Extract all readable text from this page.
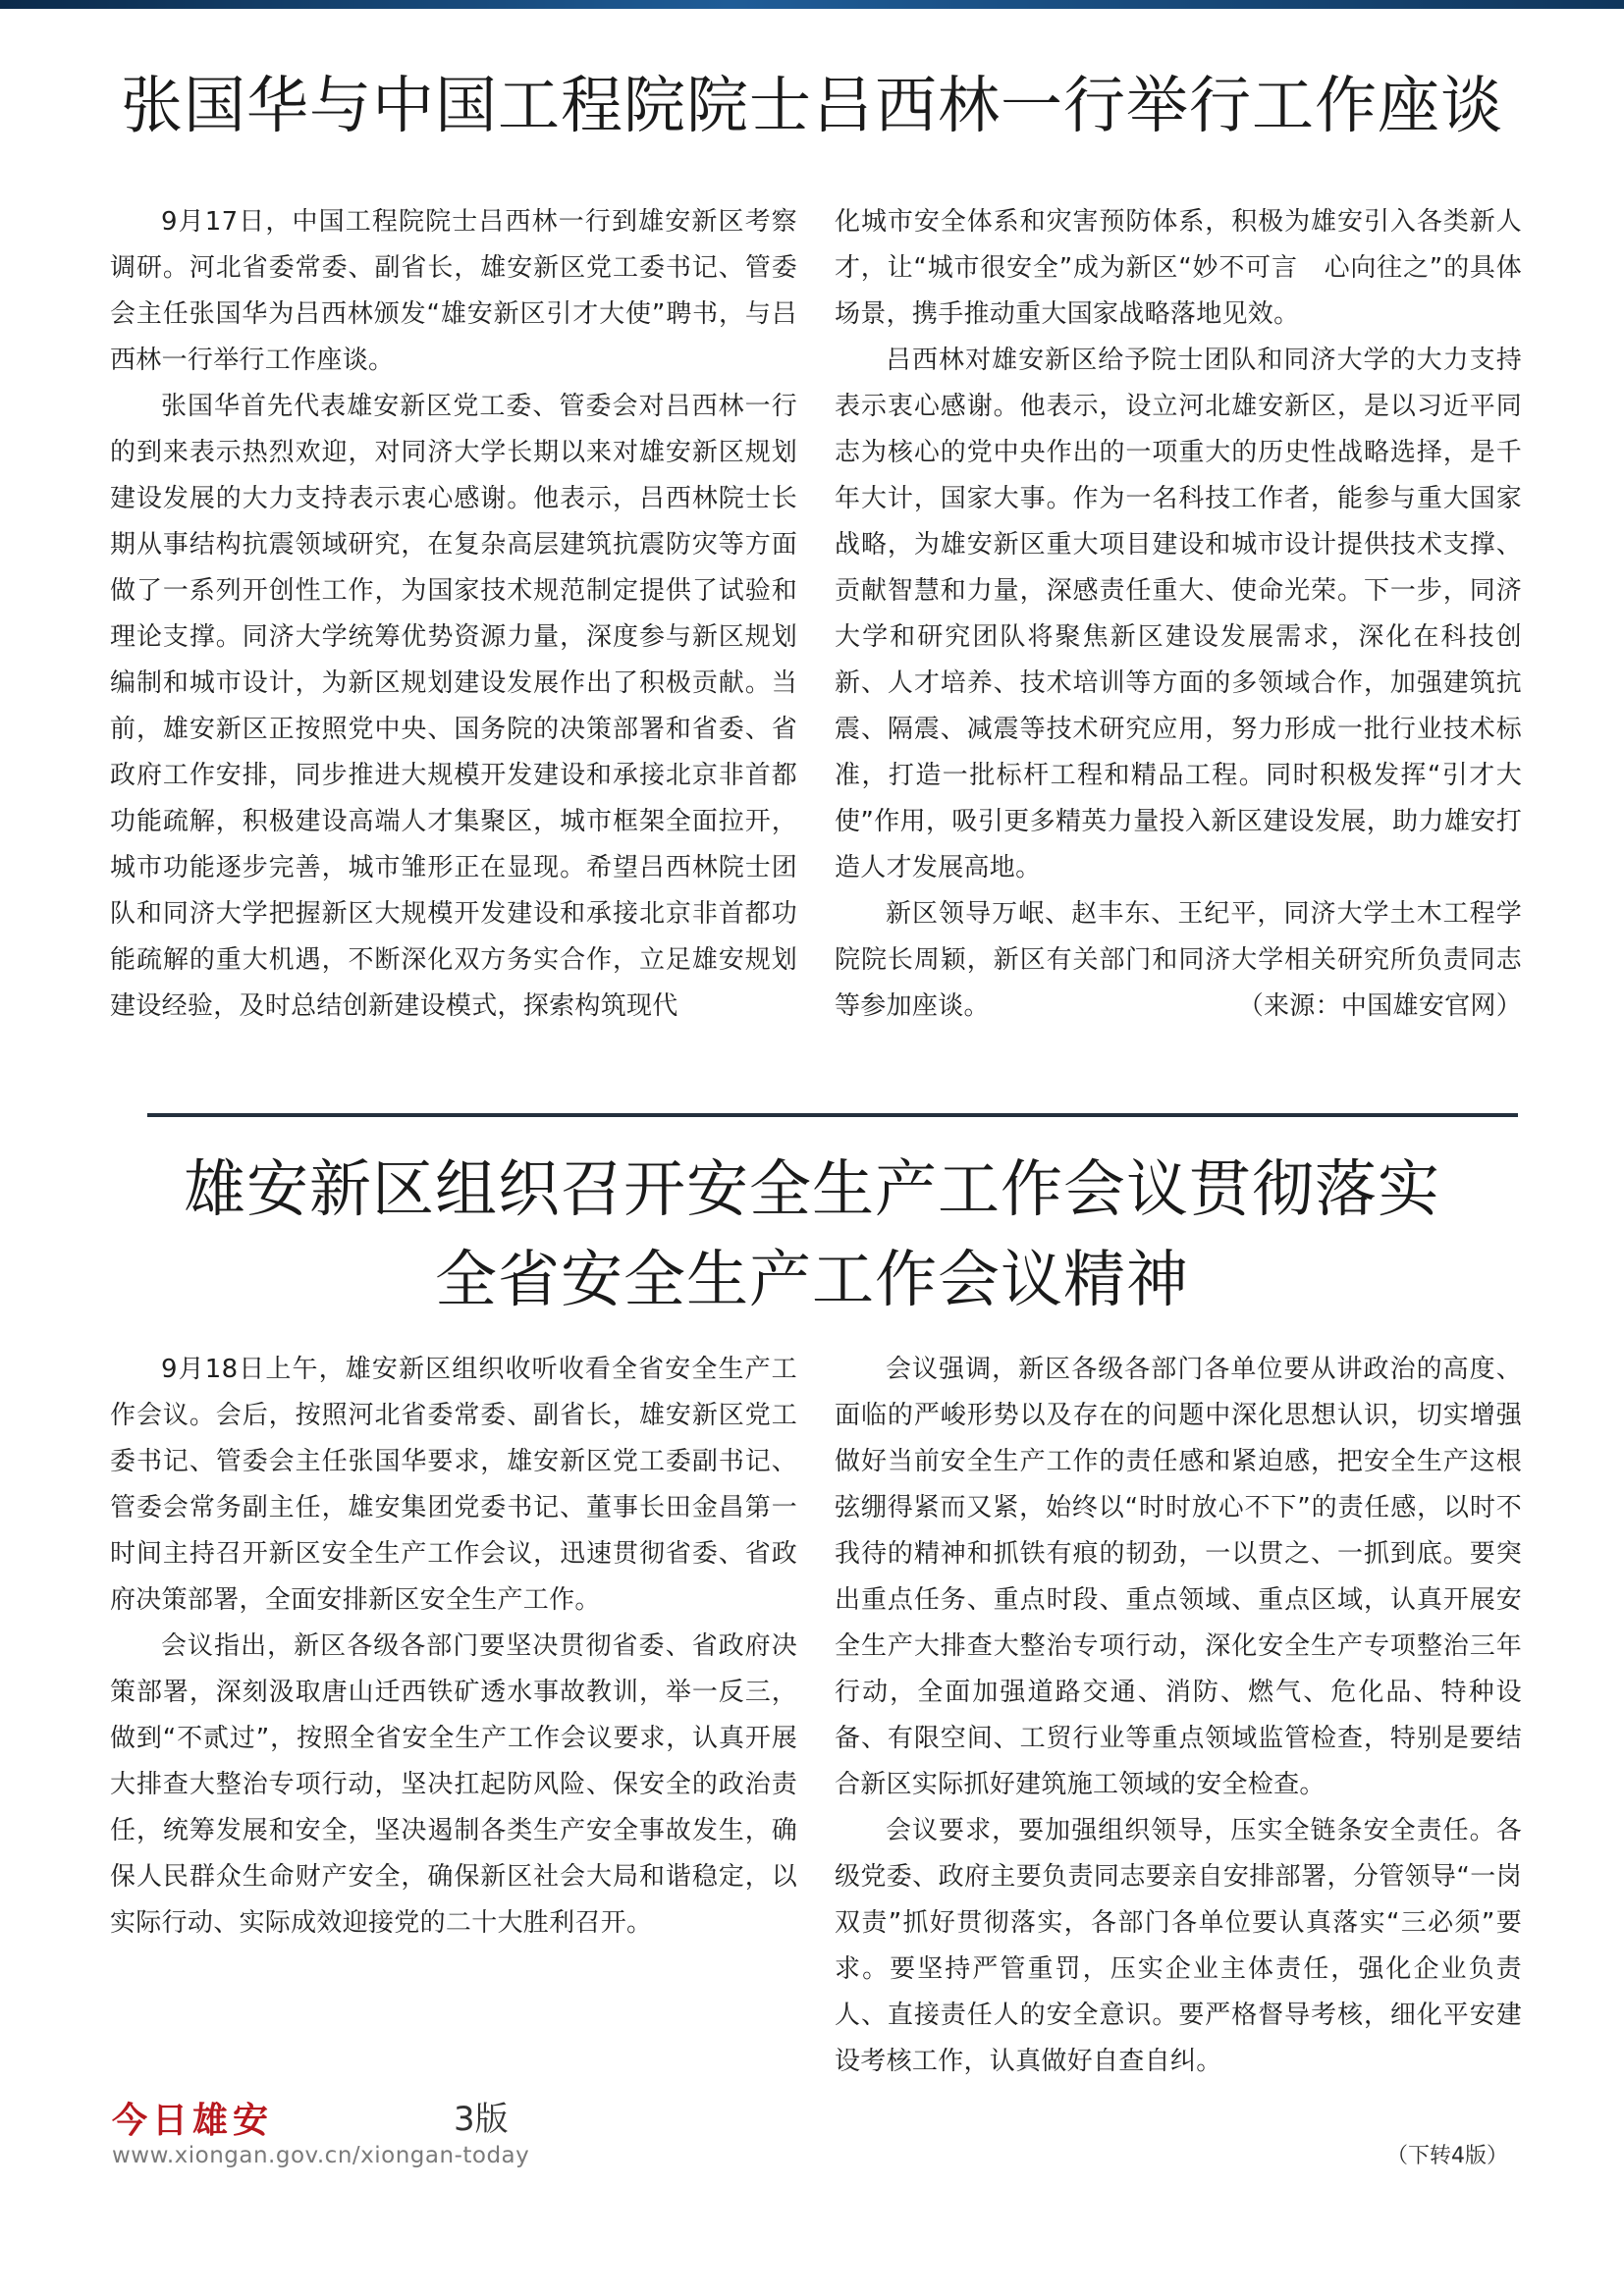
张国华与中国工程院院士吕西林一行举行工作座谈

9月17日，中国工程院院士吕西林一行到雄安新区考察调研。河北省委常委、副省长，雄安新区党工委书记、管委会主任张国华为吕西林颁发“雄安新区引才大使”聘书，与吕西林一行举行工作座谈。

张国华首先代表雄安新区党工委、管委会对吕西林一行的到来表示热烈欢迎，对同济大学长期以来对雄安新区规划建设发展的大力支持表示衷心感谢。他表示，吕西林院士长期从事结构抗震领域研究，在复杂高层建筑抗震防灾等方面做了一系列开创性工作，为国家技术规范制定提供了试验和理论支撑。同济大学统筹优势资源力量，深度参与新区规划编制和城市设计，为新区规划建设发展作出了积极贡献。当前，雄安新区正按照党中央、国务院的决策部署和省委、省政府工作安排，同步推进大规模开发建设和承接北京非首都功能疏解，积极建设高端人才集聚区，城市框架全面拉开，城市功能逐步完善，城市雏形正在显现。希望吕西林院士团队和同济大学把握新区大规模开发建设和承接北京非首都功能疏解的重大机遇，不断深化双方务实合作，立足雄安规划建设经验，及时总结创新建设模式，探索构筑现代

化城市安全体系和灾害预防体系，积极为雄安引入各类新人才，让“城市很安全”成为新区“妙不可言　心向往之”的具体场景，携手推动重大国家战略落地见效。

吕西林对雄安新区给予院士团队和同济大学的大力支持表示衷心感谢。他表示，设立河北雄安新区，是以习近平同志为核心的党中央作出的一项重大的历史性战略选择，是千年大计，国家大事。作为一名科技工作者，能参与重大国家战略，为雄安新区重大项目建设和城市设计提供技术支撑、贡献智慧和力量，深感责任重大、使命光荣。下一步，同济大学和研究团队将聚焦新区建设发展需求，深化在科技创新、人才培养、技术培训等方面的多领域合作，加强建筑抗震、隔震、减震等技术研究应用，努力形成一批行业技术标准，打造一批标杆工程和精品工程。同时积极发挥“引才大使”作用，吸引更多精英力量投入新区建设发展，助力雄安打造人才发展高地。

新区领导万岷、赵丰东、王纪平，同济大学土木工程学院院长周颖，新区有关部门和同济大学相关研究所负责同志等参加座谈。	（来源：中国雄安官网）

雄安新区组织召开安全生产工作会议贯彻落实
全省安全生产工作会议精神

9月18日上午，雄安新区组织收听收看全省安全生产工作会议。会后，按照河北省委常委、副省长，雄安新区党工委书记、管委会主任张国华要求，雄安新区党工委副书记、管委会常务副主任，雄安集团党委书记、董事长田金昌第一时间主持召开新区安全生产工作会议，迅速贯彻省委、省政府决策部署，全面安排新区安全生产工作。

会议指出，新区各级各部门要坚决贯彻省委、省政府决策部署，深刻汲取唐山迁西铁矿透水事故教训，举一反三，做到“不贰过”，按照全省安全生产工作会议要求，认真开展大排查大整治专项行动，坚决扛起防风险、保安全的政治责任，统筹发展和安全，坚决遏制各类生产安全事故发生，确保人民群众生命财产安全，确保新区社会大局和谐稳定，以实际行动、实际成效迎接党的二十大胜利召开。

会议强调，新区各级各部门各单位要从讲政治的高度、面临的严峻形势以及存在的问题中深化思想认识，切实增强做好当前安全生产工作的责任感和紧迫感，把安全生产这根弦绷得紧而又紧，始终以“时时放心不下”的责任感，以时不我待的精神和抓铁有痕的韧劲，一以贯之、一抓到底。要突出重点任务、重点时段、重点领域、重点区域，认真开展安全生产大排查大整治专项行动，深化安全生产专项整治三年行动，全面加强道路交通、消防、燃气、危化品、特种设备、有限空间、工贸行业等重点领域监管检查，特别是要结合新区实际抓好建筑施工领域的安全检查。

会议要求，要加强组织领导，压实全链条安全责任。各级党委、政府主要负责同志要亲自安排部署，分管领导“一岗双责”抓好贯彻落实，各部门各单位要认真落实“三必须”要求。要坚持严管重罚，压实企业主体责任，强化企业负责人、直接责任人的安全意识。要严格督导考核，细化平安建设考核工作，认真做好自查自纠。

今日雄安	3版
www.xiongan.gov.cn/xiongan-today	（下转4版）
